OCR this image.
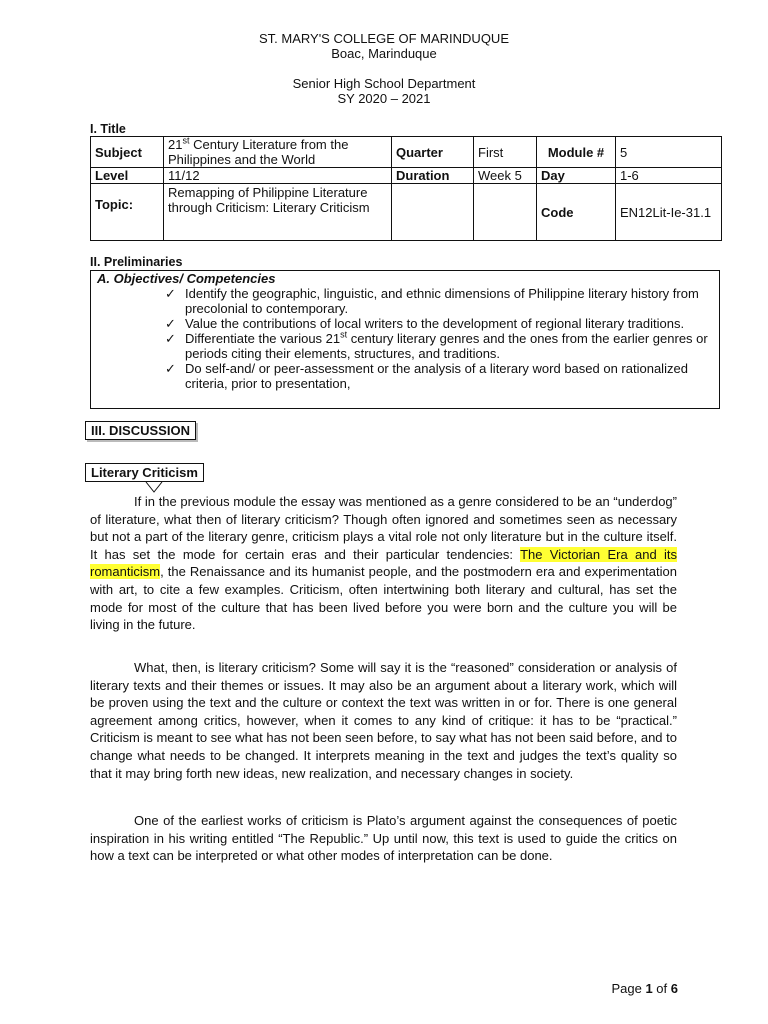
ST. MARY'S COLLEGE OF MARINDUQUE
Boac, Marinduque
Senior High School Department
SY 2020 – 2021
I. Title
Subject	21st Century Literature from the Philippines and the World	Quarter	First	Module #	5
Level	11/12	Duration	Week 5	Day	1-6
Topic:	Remapping of Philippine Literature through Criticism: Literary Criticism			Code	EN12Lit-Ie-31.1
II. Preliminaries
A. Objectives/ Competencies
✓ Identify the geographic, linguistic, and ethnic dimensions of Philippine literary history from precolonial to contemporary.
✓ Value the contributions of local writers to the development of regional literary traditions.
✓ Differentiate the various 21st century literary genres and the ones from the earlier genres or periods citing their elements, structures, and traditions.
✓ Do self-and/ or peer-assessment or the analysis of a literary word based on rationalized criteria, prior to presentation,
III. DISCUSSION
Literary Criticism

If in the previous module the essay was mentioned as a genre considered to be an “underdog” of literature, what then of literary criticism? Though often ignored and sometimes seen as necessary but not a part of the literary genre, criticism plays a vital role not only literature but in the culture itself. It has set the mode for certain eras and their particular tendencies: The Victorian Era and its romanticism, the Renaissance and its humanist people, and the postmodern era and experimentation with art, to cite a few examples. Criticism, often intertwining both literary and cultural, has set the mode for most of the culture that has been lived before you were born and the culture you will be living in the future.

What, then, is literary criticism? Some will say it is the “reasoned” consideration or analysis of literary texts and their themes or issues. It may also be an argument about a literary work, which will be proven using the text and the culture or context the text was written in or for. There is one general agreement among critics, however, when it comes to any kind of critique: it has to be “practical.” Criticism is meant to see what has not been seen before, to say what has not been said before, and to change what needs to be changed. It interprets meaning in the text and judges the text’s quality so that it may bring forth new ideas, new realization, and necessary changes in society.

One of the earliest works of criticism is Plato’s argument against the consequences of poetic inspiration in his writing entitled “The Republic.” Up until now, this text is used to guide the critics on how a text can be interpreted or what other modes of interpretation can be done.

Page 1 of 6
